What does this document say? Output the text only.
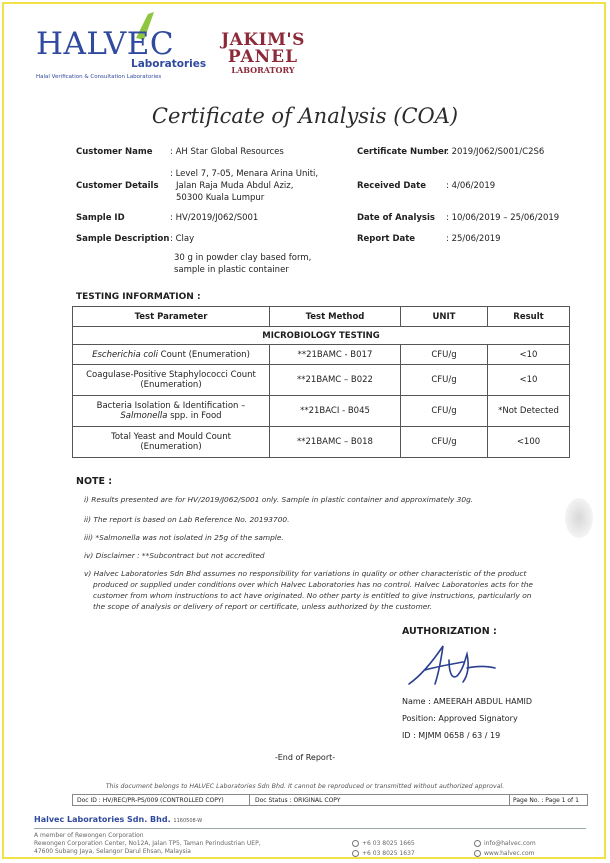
HALVEC
Laboratories
Halal Verification & Consultation Laboratories
JAKIM'S
PANEL
LABORATORY
Certificate of Analysis (COA)
Customer Name : AH Star Global Resources
Customer Details
: Level 7, 7-05, Menara Arina Uniti,
Jalan Raja Muda Abdul Aziz,
50300 Kuala Lumpur
Sample ID	: HV/2019/J062/S001
Sample Description : Clay
30 g in powder clay based form,
sample in plastic container
Certificate Number
: 2019/J062/S001/C2S6
Received Date : 4/06/2019
Date of Analysis : 10/06/2019 – 25/06/2019
Report Date	: 25/06/2019
TESTING INFORMATION :
Test Parameter	Test Method	UNIT	Result
MICROBIOLOGY TESTING			
Escherichia coli Count (Enumeration)	**21BAMC - B017	CFU/g	<10
Coagulase-Positive Staphylococci Count
(Enumeration)	**21BAMC – B022	CFU/g	<10
Bacteria Isolation & Identification –
Salmonella spp. in Food	**21BACI - B045	CFU/g	*Not Detected
Total Yeast and Mould Count
(Enumeration)	**21BAMC – B018	CFU/g	<100
NOTE :
i) Results presented are for HV/2019/J062/S001 only. Sample in plastic container and approximately 30g.
ii) The report is based on Lab Reference No. 20193700.
iii) *Salmonella was not isolated in 25g of the sample.
iv) Disclaimer : **Subcontract but not accredited
v) Halvec Laboratories Sdn Bhd assumes no responsibility for variations in quality or other characteristic of the product
produced or supplied under conditions over which Halvec Laboratories has no control. Halvec Laboratories acts for the
customer from whom instructions to act have originated. No other party is entitled to give instructions, particularly on
the scope of analysis or delivery of report or certificate, unless authorized by the customer.
AUTHORIZATION :
Name : AMEERAH ABDUL HAMID
Position: Approved Signatory
ID : MJMM 0658 / 63 / 19
-End of Report-
This document belongs to HALVEC Laboratories Sdn Bhd. It cannot be reproduced or transmitted without authorized approval.
Doc ID : HV/REC/PR-PS/009 (CONTROLLED COPY)	Doc Status : ORIGINAL COPY	Page No. : Page 1 of 1
Halvec Laboratories Sdn. Bhd. 1160508-W
A member of Rewongen Corporation
Rewongen Corporation Center, No12A, Jalan TP5, Taman Perindustrian UEP,
47600 Subang Jaya, Selangor Darul Ehsan, Malaysia
+6 03 8025 1665
+6 03 8025 1637
info@halvec.com
www.halvec.com
